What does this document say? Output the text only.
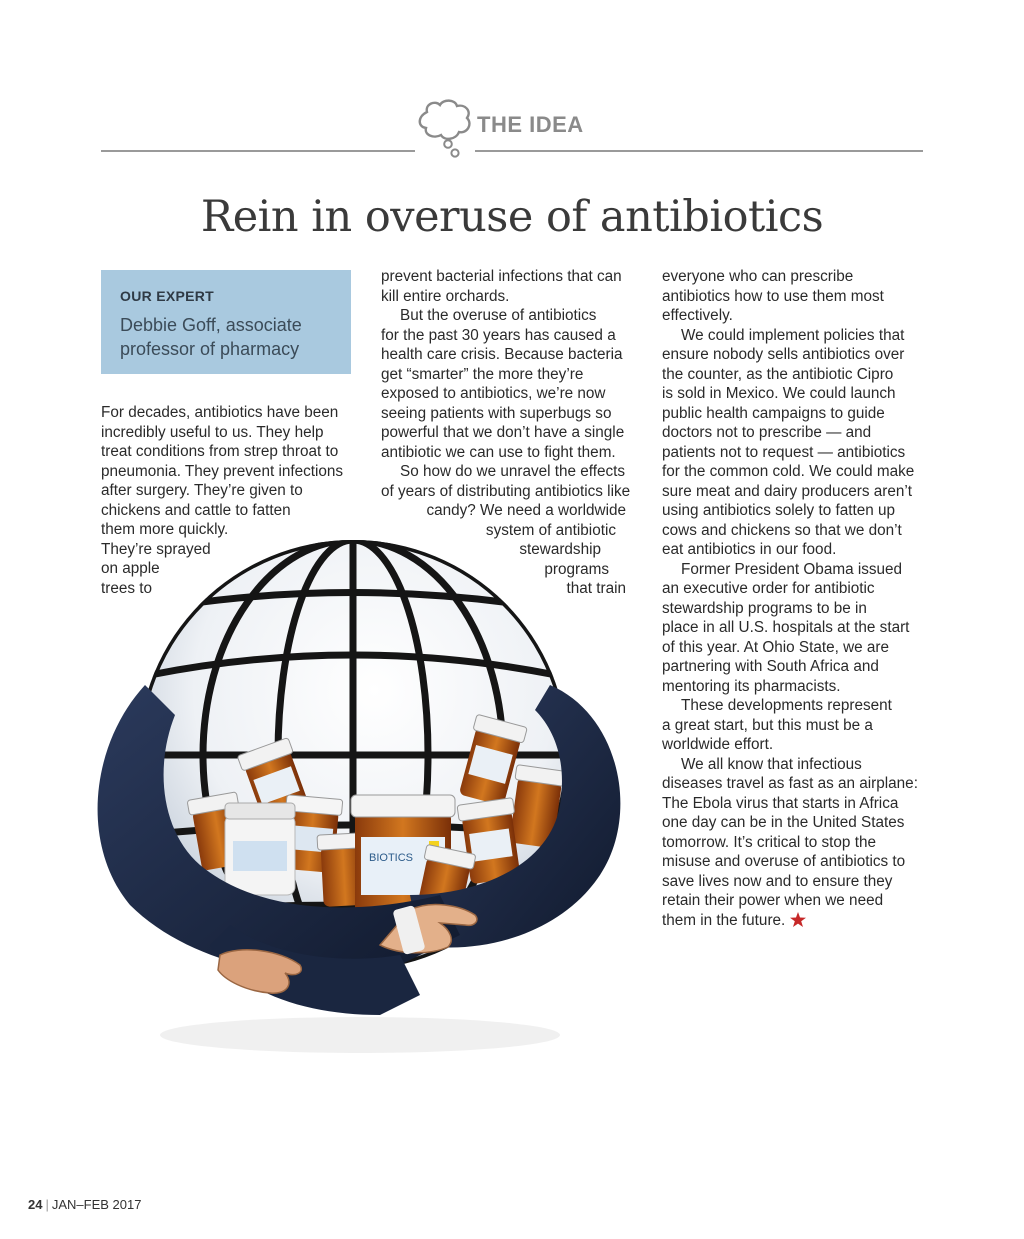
THE IDEA
Rein in overuse of antibiotics
OUR EXPERT
Debbie Goff, associate
professor of pharmacy

For decades, antibiotics have been

incredibly useful to us. They help

treat conditions from strep throat to

pneumonia. They prevent infections

after surgery. They’re given to

chickens and cattle to fatten

them more quickly.

They’re sprayed

on apple

trees to

prevent bacterial infections that can

kill entire orchards.

But the overuse of antibiotics

for the past 30 years has caused a

health care crisis. Because bacteria

get “smarter” the more they’re

exposed to antibiotics, we’re now

seeing patients with superbugs so

powerful that we don’t have a single

antibiotic we can use to fight them.

So how do we unravel the effects

of years of distributing antibiotics like

candy? We need a worldwide

system of antibiotic

stewardship

programs

that train

everyone who can prescribe

antibiotics how to use them most

effectively.

We could implement policies that

ensure nobody sells antibiotics over

the counter, as the antibiotic Cipro

is sold in Mexico. We could launch

public health campaigns to guide

doctors not to prescribe — and

patients not to request — antibiotics

for the common cold. We could make

sure meat and dairy producers aren’t

using antibiotics solely to fatten up

cows and chickens so that we don’t

eat antibiotics in our food.

Former President Obama issued

an executive order for antibiotic

stewardship programs to be in

place in all U.S. hospitals at the start

of this year. At Ohio State, we are

partnering with South Africa and

mentoring its pharmacists.

These developments represent

a great start, but this must be a

worldwide effort.

We all know that infectious

diseases travel as fast as an airplane:

The Ebola virus that starts in Africa

one day can be in the United States

tomorrow. It’s critical to stop the

misuse and overuse of antibiotics to

save lives now and to ensure they

retain their power when we need

them in the future.

BIOTICS
24 | JAN–FEB 2017
